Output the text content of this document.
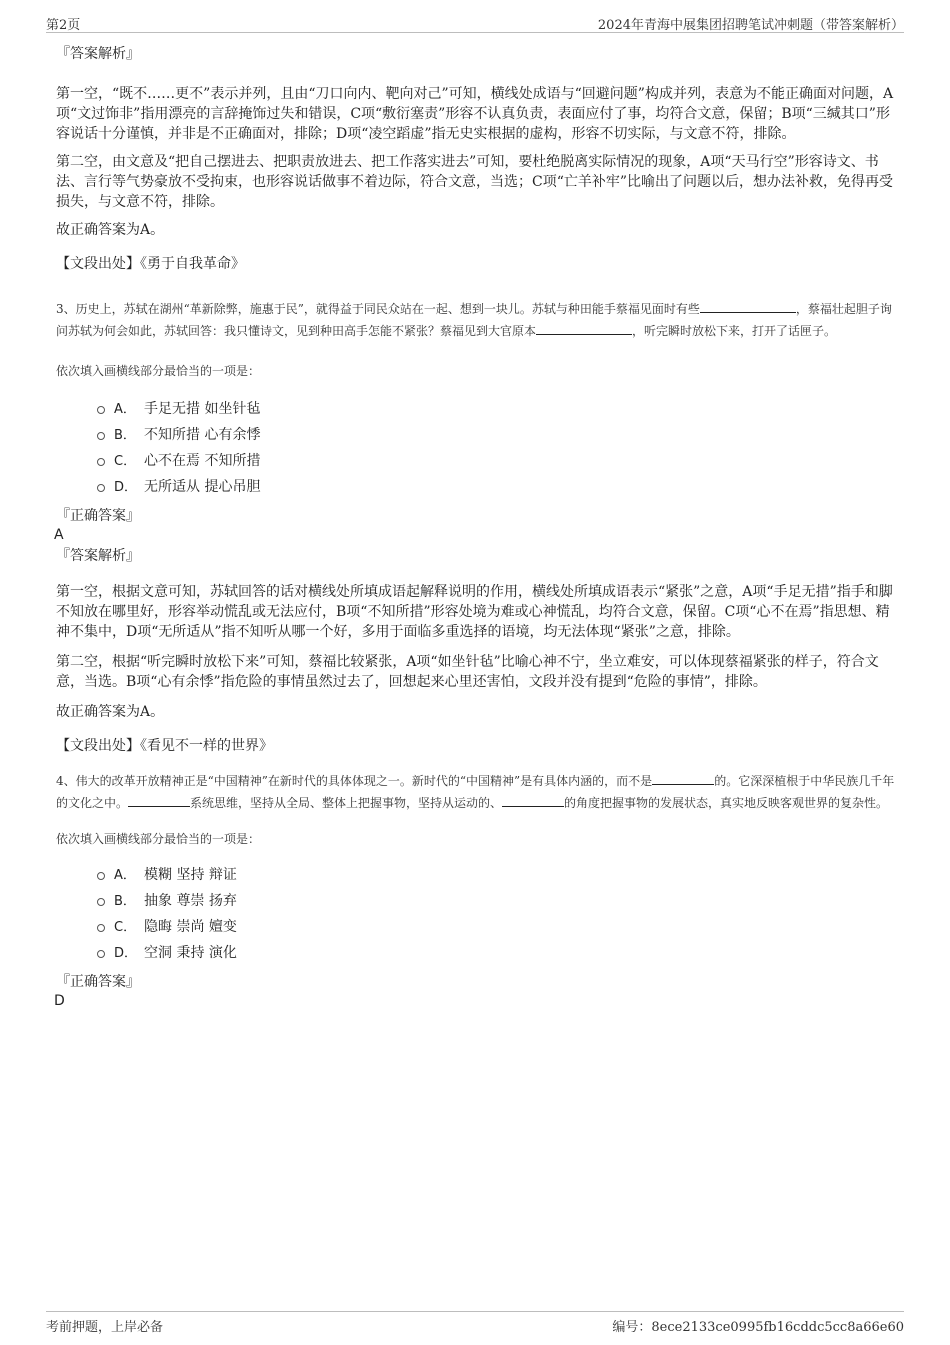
第2页	2024年青海中展集团招聘笔试冲刺题（带答案解析）

『答案解析』

第一空，“既不……更不”表示并列，且由“刀口向内、靶向对己”可知，横线处成语与“回避问题”构成并列，表意为不能正确面对问题，A项“文过饰非”指用漂亮的言辞掩饰过失和错误，C项“敷衍塞责”形容不认真负责，表面应付了事，均符合文意，保留；B项“三缄其口”形容说话十分谨慎，并非是不正确面对，排除；D项“凌空蹈虚”指无史实根据的虚构，形容不切实际，与文意不符，排除。

第二空，由文意及“把自己摆进去、把职责放进去、把工作落实进去”可知，要杜绝脱离实际情况的现象，A项“天马行空”形容诗文、书法、言行等气势豪放不受拘束，也形容说话做事不着边际，符合文意，当选；C项“亡羊补牢”比喻出了问题以后，想办法补救，免得再受损失，与文意不符，排除。

故正确答案为A。

【文段出处】《勇于自我革命》

3、历史上，苏轼在湖州“革新除弊，施惠于民”，就得益于同民众站在一起、想到一块儿。苏轼与种田能手蔡福见面时有些	，蔡福壮起胆子询问苏轼为何会如此，苏轼回答：我只懂诗文，见到种田高手怎能不紧张？蔡福见到大官原本	，听完瞬时放松下来，打开了话匣子。

依次填入画横线部分最恰当的一项是：

A． 手足无措 如坐针毡
B． 不知所措 心有余悸
C． 心不在焉 不知所措
D． 无所适从 提心吊胆

『正确答案』

A

『答案解析』

第一空，根据文意可知，苏轼回答的话对横线处所填成语起解释说明的作用，横线处所填成语表示“紧张”之意，A项“手足无措”指手和脚不知放在哪里好，形容举动慌乱或无法应付，B项“不知所措”形容处境为难或心神慌乱，均符合文意，保留。C项“心不在焉”指思想、精神不集中，D项“无所适从”指不知听从哪一个好，多用于面临多重选择的语境，均无法体现“紧张”之意，排除。

第二空，根据“听完瞬时放松下来”可知，蔡福比较紧张，A项“如坐针毡”比喻心神不宁，坐立难安，可以体现蔡福紧张的样子，符合文意，当选。B项“心有余悸”指危险的事情虽然过去了，回想起来心里还害怕，文段并没有提到“危险的事情”，排除。

故正确答案为A。

【文段出处】《看见不一样的世界》

4、伟大的改革开放精神正是“中国精神”在新时代的具体体现之一。新时代的“中国精神”是有具体内涵的，而不是	的。它深深植根于中华民族几千年的文化之中。	系统思维，坚持从全局、整体上把握事物，坚持从运动的、	的角度把握事物的发展状态，真实地反映客观世界的复杂性。

依次填入画横线部分最恰当的一项是：

A． 模糊 坚持 辩证
B． 抽象 尊崇 扬弃
C． 隐晦 崇尚 嬗变
D． 空洞 秉持 演化

『正确答案』

D

考前押题，上岸必备	编号：8ece2133ce0995fb16cddc5cc8a66e60
